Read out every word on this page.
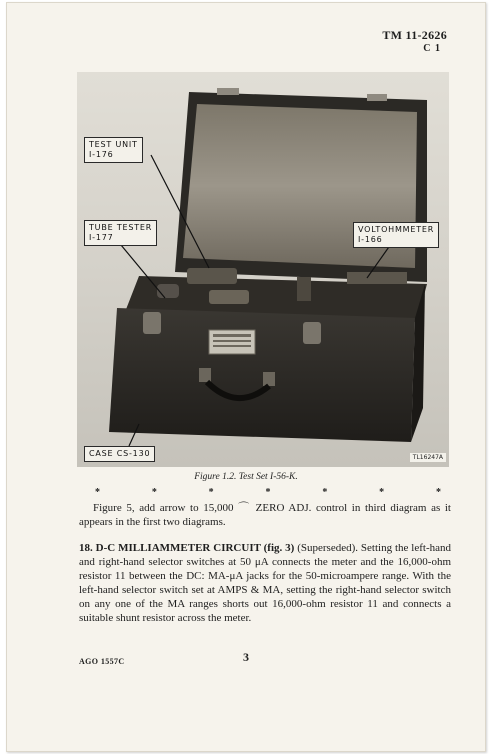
TM 11-2626
C 1
TEST UNIT
I-176
TUBE TESTER
I-177
VOLTOHMMETER
I-166
CASE CS-130	TL16247A
Figure 1.2. Test Set I-56-K.
*	*	*	*	*	*	*

Figure 5, add arrow to 15,000 ⌒ ZERO ADJ. control in third diagram as it appears in the first two diagrams.

18. D-C MILLIAMMETER CIRCUIT (fig. 3) (Superseded). Setting the left-hand and right-hand selector switches at 50 μA connects the meter and the 16,000-ohm resistor 11 between the DC: MA-μA jacks for the 50-microampere range. With the left-hand selector switch set at AMPS & MA, setting the right-hand selector switch on any one of the MA ranges shorts out 16,000-ohm resistor 11 and connects a suitable shunt resistor across the meter.

AGO 1557C	3
